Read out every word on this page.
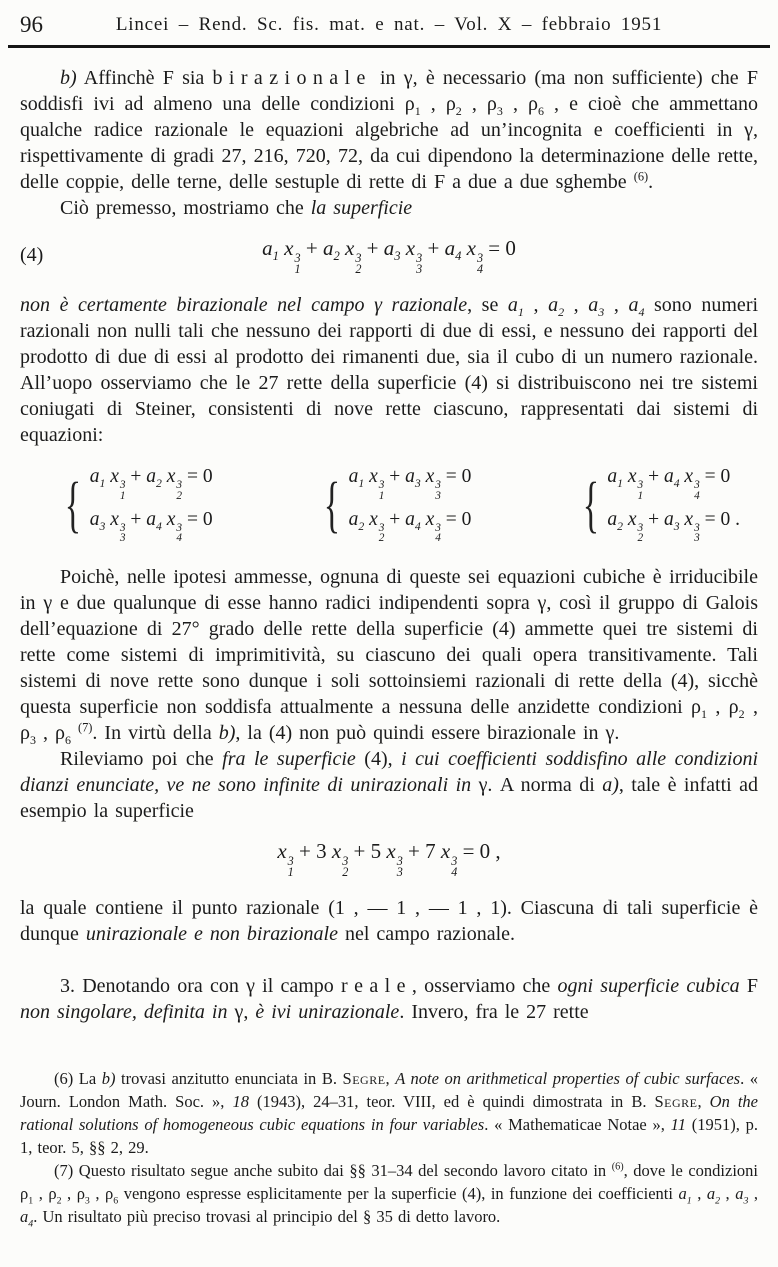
96	Lincei – Rend. Sc. fis. mat. e nat. – Vol. X – febbraio 1951

b) Affinchè F sia birazionale in γ, è necessario (ma non sufficiente) che F soddisfi ivi ad almeno una delle condizioni $\rho_1$ , $\rho_2$ , $\rho_3$ , $\rho_6$ , e cioè che ammettano qualche radice razionale le equazioni algebriche ad un’incognita e coefficienti in γ, rispettivamente di gradi 27, 216, 720, 72, da cui dipendono la determinazione delle rette, delle coppie, delle terne, delle sestuple di rette di F a due a due sghembe $^{(6)}$.

Ciò premesso, mostriamo che la superficie

(4)	$a_1$ x 3
1
+ $a_2$ x 3
2
+ $a_3$ x 3
3
+ $a_4$ x 3
4
= 0

non è certamente birazionale nel campo γ razionale, se $a_1$ , $a_2$ , $a_3$ , $a_4$ sono numeri razionali non nulli tali che nessuno dei rapporti di due di essi, e nessuno dei rapporti del prodotto di due di essi al prodotto dei rimanenti due, sia il cubo di un numero razionale. All’uopo osserviamo che le 27 rette della superficie (4) si distribuiscono nei tre sistemi coniugati di Steiner, consistenti di nove rette ciascuno, rappresentati dai sistemi di equazioni:

{ $a_1$ x 3
1
+ $a_2$ x 3
2
= 0
$a_3$ x 3
3
+ $a_4$ x 3
4
= 0 { $a_1$ x 3
1
+ $a_3$ x 3
3
= 0
$a_2$ x 3
2
+ $a_4$ x 3
4
= 0 { $a_1$ x 3
1
+ $a_4$ x 3
4
= 0
$a_2$ x 3
2
+ $a_3$ x 3
3
= 0 .

Poichè, nelle ipotesi ammesse, ognuna di queste sei equazioni cubiche è irriducibile in γ e due qualunque di esse hanno radici indipendenti sopra γ, così il gruppo di Galois dell’equazione di 27° grado delle rette della superficie (4) ammette quei tre sistemi di rette come sistemi di imprimitività, su ciascuno dei quali opera transitivamente. Tali sistemi di nove rette sono dunque i soli sottoinsiemi razionali di rette della (4), sicchè questa superficie non soddisfa attualmente a nessuna delle anzidette condizioni $\rho_1$ , $\rho_2$ , $\rho_3$ , $\rho_6$ $^{(7)}$. In virtù della b), la (4) non può quindi essere birazionale in γ.

Rileviamo poi che fra le superficie (4), i cui coefficienti soddisfino alle condizioni dianzi enunciate, ve ne sono infinite di unirazionali in γ. A norma di a), tale è infatti ad esempio la superficie

x 3
1
+ 3 x 3
2
+ 5 x 3
3
+ 7 x 3
4
= 0 ,

la quale contiene il punto razionale (1 , — 1 , — 1 , 1). Ciascuna di tali superficie è dunque unirazionale e non birazionale nel campo razionale.

3. Denotando ora con γ il campo reale, osserviamo che ogni superficie cubica F non singolare, definita in γ, è ivi unirazionale. Invero, fra le 27 rette

(6) La b) trovasi anzitutto enunciata in B. Segre, A note on arithmetical properties of cubic surfaces. « Journ. London Math. Soc. », 18 (1943), 24–31, teor. VIII, ed è quindi dimostrata in B. Segre, On the rational solutions of homogeneous cubic equations in four variables. « Mathematicae Notae », 11 (1951), p. 1, teor. 5, §§ 2, 29.

(7) Questo risultato segue anche subito dai §§ 31–34 del secondo lavoro citato in $^{(6)}$, dove le condizioni $\rho_1$ , $\rho_2$ , $\rho_3$ , $\rho_6$ vengono espresse esplicitamente per la superficie (4), in funzione dei coefficienti $a_1$ , $a_2$ , $a_3$ , $a_4$. Un risultato più preciso trovasi al principio del § 35 di detto lavoro.
